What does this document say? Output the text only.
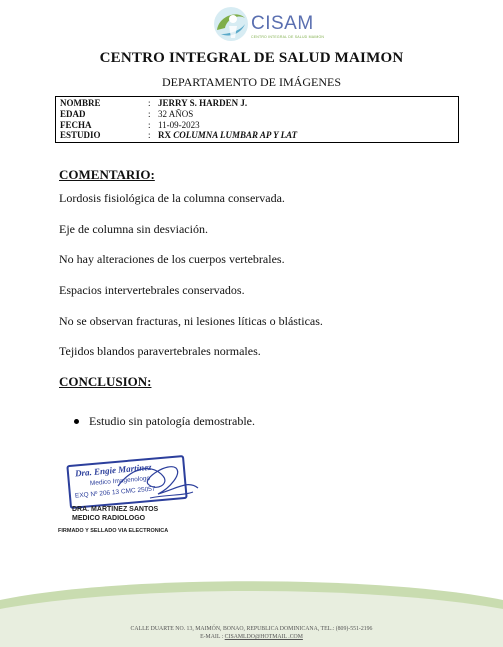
CISAM
CENTRO INTEGRAL DE SALUD MAIMON
CENTRO INTEGRAL DE SALUD MAIMON
DEPARTAMENTO DE IMÁGENES
NOMBRE	: JERRY S. HARDEN J.
EDAD	: 32 AÑOS
FECHA	: 11-09-2023
ESTUDIO	: RX COLUMNA LUMBAR AP Y LAT
COMENTARIO:
Lordosis fisiológica de la columna conservada.
Eje de columna sin desviación.
No hay alteraciones de los cuerpos vertebrales.
Espacios intervertebrales conservados.
No se observan fracturas, ni lesiones líticas o blásticas.
Tejidos blandos paravertebrales normales.
CONCLUSION:
Estudio sin patología demostrable.
Dra. Engie Martinez
Medico Imagenologo
EXQ Nº 206 13 CMC 25057
DRA. MARTINEZ SANTOS
MEDICO RADIOLOGO
FIRMADO Y SELLADO VIA ELECTRONICA
CALLE DUARTE NO. 13, MAIMÓN, BONAO, REPUBLICA DOMINICANA, TEL.: (809)-551-2196
E-MAIL : CISAMLDO@HOTMAIL .COM
